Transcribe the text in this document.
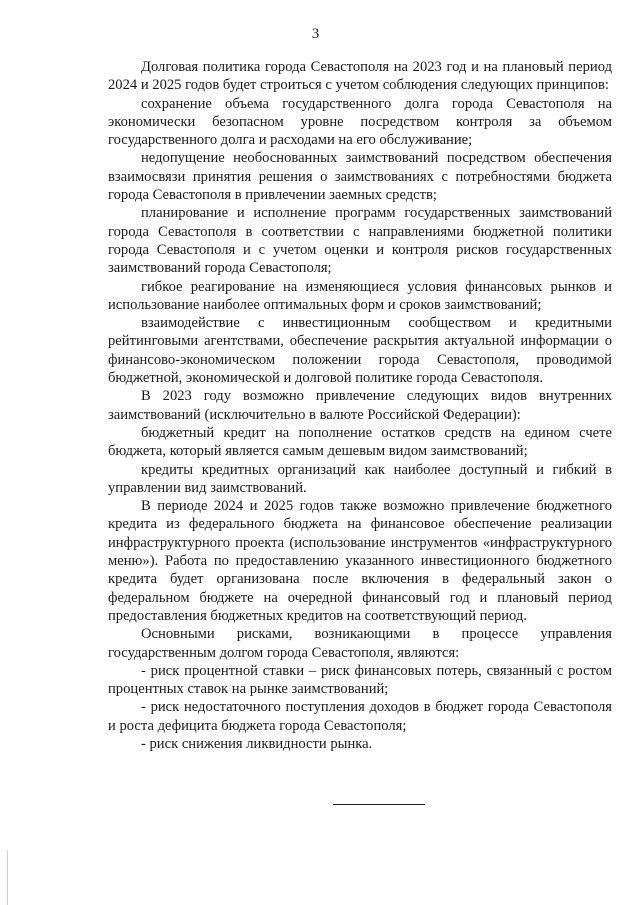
3

Долговая политика города Севастополя на 2023 год и на плановый период 2024 и 2025 годов будет строиться с учетом соблюдения следующих принципов:

сохранение объема государственного долга города Севастополя на экономически безопасном уровне посредством контроля за объемом государственного долга и расходами на его обслуживание;

недопущение необоснованных заимствований посредством обеспечения взаимосвязи принятия решения о заимствованиях с потребностями бюджета города Севастополя в привлечении заемных средств;

планирование и исполнение программ государственных заимствований города Севастополя в соответствии с направлениями бюджетной политики города Севастополя и с учетом оценки и контроля рисков государственных заимствований города Севастополя;

гибкое реагирование на изменяющиеся условия финансовых рынков и использование наиболее оптимальных форм и сроков заимствований;

взаимодействие с инвестиционным сообществом и кредитными рейтинговыми агентствами, обеспечение раскрытия актуальной информации о финансово-экономическом положении города Севастополя, проводимой бюджетной, экономической и долговой политике города Севастополя.

В 2023 году возможно привлечение следующих видов внутренних заимствований (исключительно в валюте Российской Федерации):

бюджетный кредит на пополнение остатков средств на едином счете бюджета, который является самым дешевым видом заимствований;

кредиты кредитных организаций как наиболее доступный и гибкий в управлении вид заимствований.

В периоде 2024 и 2025 годов также возможно привлечение бюджетного кредита из федерального бюджета на финансовое обеспечение реализации инфраструктурного проекта (использование инструментов «инфраструктурного меню»). Работа по предоставлению указанного инвестиционного бюджетного кредита будет организована после включения в федеральный закон о федеральном бюджете на очередной финансовый год и плановый период предоставления бюджетных кредитов на соответствующий период.

Основными рисками, возникающими в процессе управления государственным долгом города Севастополя, являются:

- риск процентной ставки – риск финансовых потерь, связанный с ростом процентных ставок на рынке заимствований;

- риск недостаточного поступления доходов в бюджет города Севастополя и роста дефицита бюджета города Севастополя;

- риск снижения ликвидности рынка.
